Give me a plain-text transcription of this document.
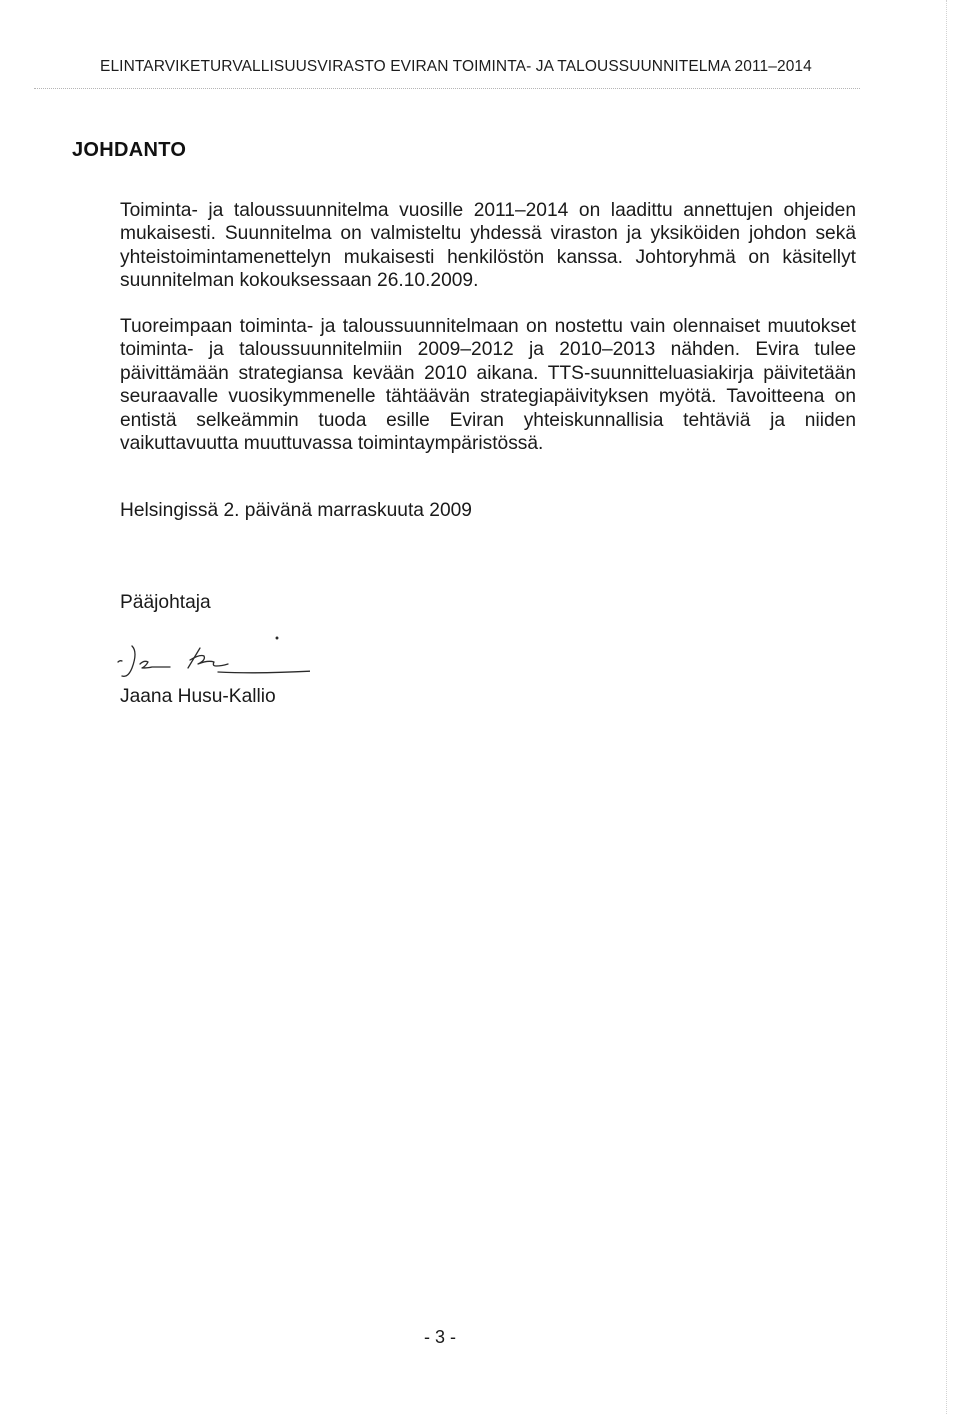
ELINTARVIKETURVALLISUUSVIRASTO EVIRAN TOIMINTA- JA TALOUSSUUNNITELMA 2011–2014
JOHDANTO

Toiminta- ja taloussuunnitelma vuosille 2011–2014 on laadittu annettujen ohjeiden mukaisesti. Suunnitelma on valmisteltu yhdessä viraston ja yksiköiden johdon sekä yhteistoimintamenettelyn mukaisesti henkilöstön kanssa. Johtoryhmä on käsitellyt suunnitelman kokouksessaan 26.10.2009.

Tuoreimpaan toiminta- ja taloussuunnitelmaan on nostettu vain olennaiset muutokset toiminta- ja taloussuunnitelmiin 2009–2012 ja 2010–2013 nähden. Evira tulee päivittämään strategiansa kevään 2010 aikana. TTS-suunnitteluasiakirja päivitetään seuraavalle vuosikymmenelle tähtäävän strategiapäivityksen myötä. Tavoitteena on entistä selkeämmin tuoda esille Eviran yhteiskunnallisia tehtäviä ja niiden vaikuttavuutta muuttuvassa toimintaympäristössä.

Helsingissä 2. päivänä marraskuuta 2009
Pääjohtaja
Jaana Husu-Kallio
- 3 -
